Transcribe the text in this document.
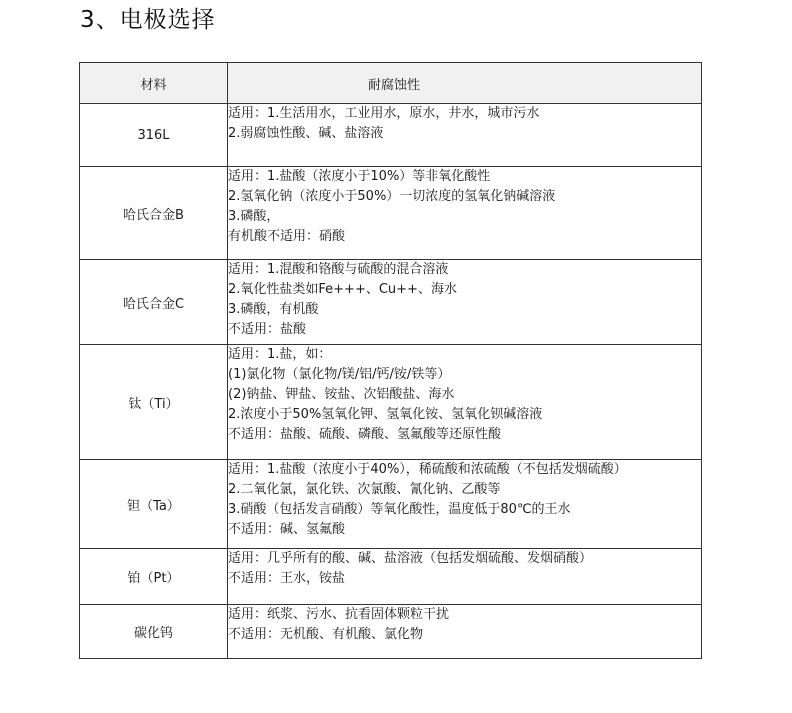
3、电极选择
材料	耐腐蚀性
316L	适用：1.生活用水，工业用水，原水，井水，城市污水
2.弱腐蚀性酸、碱、盐溶液

哈氏合金B	适用：1.盐酸（浓度小于10%）等非氧化酸性
2.氢氧化钠（浓度小于50%）一切浓度的氢氧化钠碱溶液
3.磷酸，
有机酸不适用：硝酸

哈氏合金C	适用：1.混酸和铬酸与硫酸的混合溶液
2.氧化性盐类如Fe+++、Cu++、海水
3.磷酸，有机酸
不适用：盐酸

钛（Ti）	适用：1.盐，如：
(1)氯化物（氯化物/镁/铝/钙/铵/铁等）
(2)钠盐、钾盐、铵盐、次铝酸盐、海水
2.浓度小于50%氢氧化钾、氢氧化铵、氢氧化钡碱溶液
不适用：盐酸、硫酸、磷酸、氢氟酸等还原性酸

钽（Ta）	适用：1.盐酸（浓度小于40%），稀硫酸和浓硫酸（不包括发烟硫酸）
2.二氧化氯，氯化铁、次氯酸、氰化钠、乙酸等
3.硝酸（包括发言硝酸）等氧化酸性，温度低于80℃的王水
不适用：碱、氢氟酸

铂（Pt）	适用：几乎所有的酸、碱、盐溶液（包括发烟硫酸、发烟硝酸）
不适用：王水，铵盐

碳化钨	适用：纸浆、污水、抗看固体颗粒干扰
不适用：无机酸、有机酸、氯化物
